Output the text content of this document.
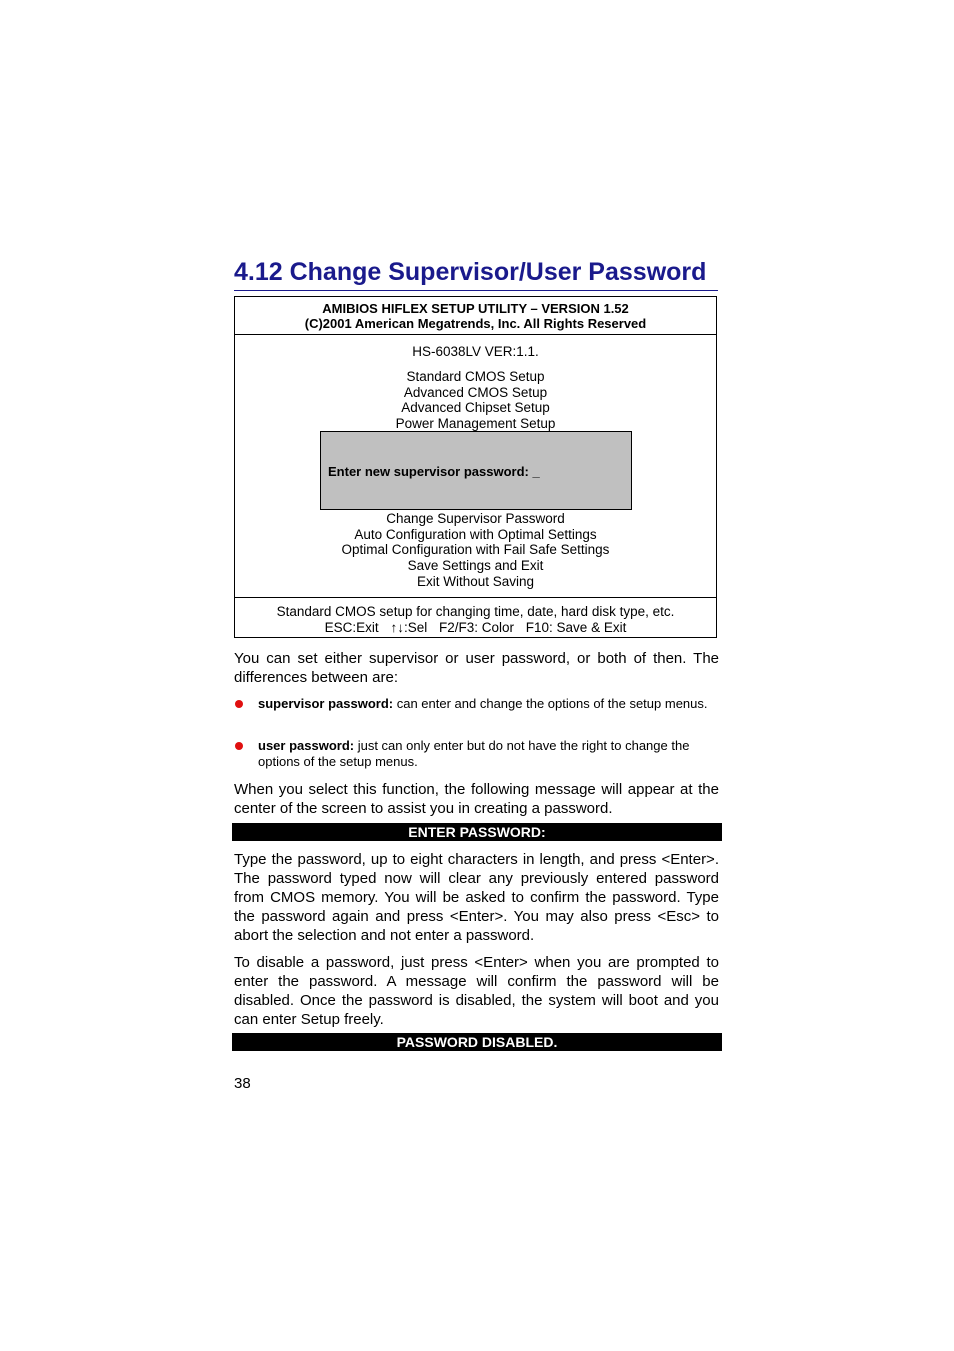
4.12 Change Supervisor/User Password
AMIBIOS HIFLEX SETUP UTILITY – VERSION 1.52
(C)2001 American Megatrends, Inc. All Rights Reserved
HS-6038LV VER:1.1.
Standard CMOS Setup
Advanced CMOS Setup
Advanced Chipset Setup
Power Management Setup
Enter new supervisor password: _
Change Supervisor Password
Auto Configuration with Optimal Settings
Optimal Configuration with Fail Safe Settings
Save Settings and Exit
Exit Without Saving
Standard CMOS setup for changing time, date, hard disk type, etc.
ESC:Exit ↑↓:Sel F2/F3: Color F10: Save & Exit
You can set either supervisor or user password, or both of then. The differences between are:
supervisor password: can enter and change the options of the setup menus.
user password: just can only enter but do not have the right to change the options of the setup menus.
When you select this function, the following message will appear at the center of the screen to assist you in creating a password.
ENTER PASSWORD:
Type the password, up to eight characters in length, and press <Enter>. The password typed now will clear any previously entered password from CMOS memory. You will be asked to confirm the password. Type the password again and press <Enter>. You may also press <Esc> to abort the selection and not enter a password.
To disable a password, just press <Enter> when you are prompted to enter the password. A message will confirm the password will be disabled. Once the password is disabled, the system will boot and you can enter Setup freely.
PASSWORD DISABLED.
38
